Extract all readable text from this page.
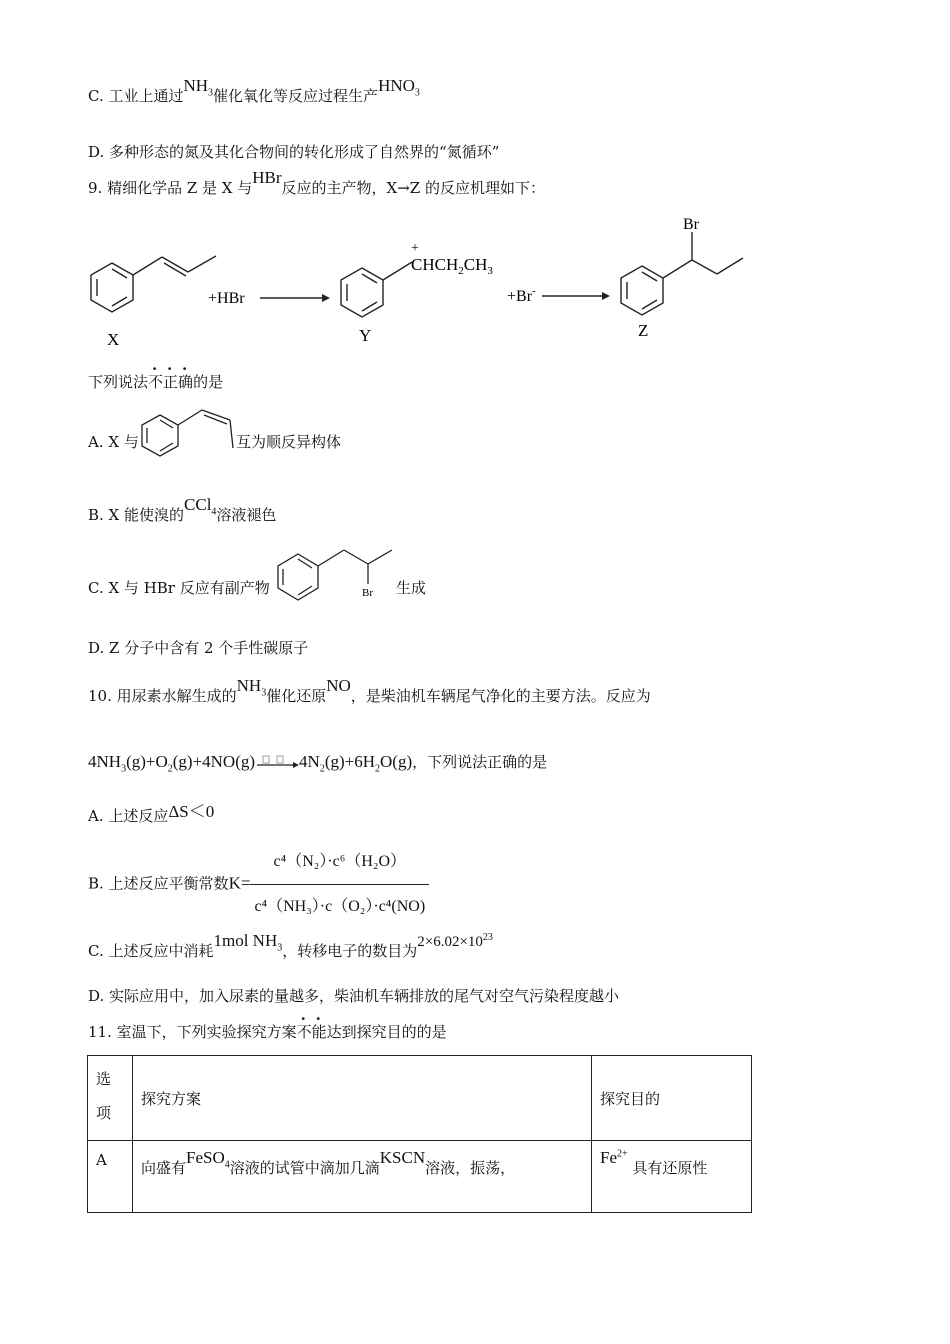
C. 工业上通过$NH_3$催化氧化等反应过程生产$HNO_3$
D. 多种形态的氮及其化合物间的转化形成了自然界的“氮循环”
9. 精细化学品 Z 是 X 与HBr反应的主产物，X→Z 的反应机理如下：
X
+HBr
+
$CHCH_2CH_3$
Y
+Br-
Br
Z
下列说法不正确的是
A. X 与	互为顺反异构体
B. X 能使溴的CCl$_4$溶液褪色
C. X 与 HBr 反应有副产物	Br 生成
D. Z 分子中含有 2 个手性碳原子
10. 用尿素水解生成的$NH_3$催化还原NO，是柴油机车辆尾气净化的主要方法。反应为
$4NH_3(g)+O_2(g)+4NO(g)$	$4N_2(g)+6H_2O(g)$，下列说法正确的是
A. 上述反应ΔS＜0
B. 上述反应平衡常数$K= \frac{\text{c⁴（N₂）·c⁶（H₂O）}}{\text{c⁴（NH₃）·c（O₂）·c⁴(NO)}}$
C. 上述反应中消耗1mol $NH_3$，转移电子的数目为$2\times 6.02\times 10^{23}$
D. 实际应用中，加入尿素的量越多，柴油机车辆排放的尾气对空气污染程度越小
11. 室温下，下列实验探究方案不能达到探究目的的是
选项	探究方案	探究目的
A	向盛有FeSO$_4$溶液的试管中滴加几滴KSCN溶液，振荡，	$Fe^{2+}$ 具有还原性
